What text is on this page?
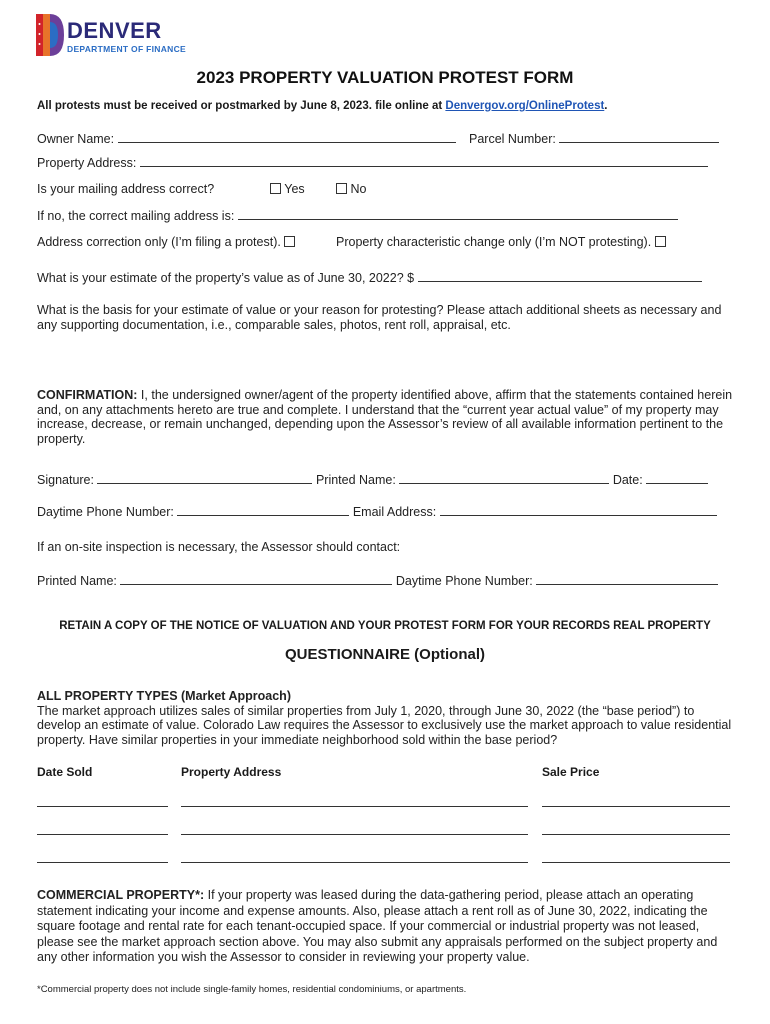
DENVER
DEPARTMENT OF FINANCE
2023 PROPERTY VALUATION PROTEST FORM
All protests must be received or postmarked by June 8, 2023. file online at Denvergov.org/OnlineProtest.
Owner Name:	Parcel Number:
Property Address:
Is your mailing address correct?	Yes	No
If no, the correct mailing address is:
Address correction only (I’m filing a protest).	Property characteristic change only (I’m NOT protesting).
What is your estimate of the property’s value as of June 30, 2022? $
What is the basis for your estimate of value or your reason for protesting? Please attach additional sheets as necessary and any supporting documentation, i.e., comparable sales, photos, rent roll, appraisal, etc.
CONFIRMATION: I, the undersigned owner/agent of the property identified above, affirm that the statements contained herein and, on any attachments hereto are true and complete. I understand that the “current year actual value” of my property may increase, decrease, or remain unchanged, depending upon the Assessor’s review of all available information pertinent to the property.
Signature:	Printed Name:	Date:
Daytime Phone Number:	Email Address:
If an on-site inspection is necessary, the Assessor should contact:
Printed Name:	Daytime Phone Number:
RETAIN A COPY OF THE NOTICE OF VALUATION AND YOUR PROTEST FORM FOR YOUR RECORDS REAL PROPERTY
QUESTIONNAIRE (Optional)
ALL PROPERTY TYPES (Market Approach)
The market approach utilizes sales of similar properties from July 1, 2020, through June 30, 2022 (the “base period”) to develop an estimate of value. Colorado Law requires the Assessor to exclusively use the market approach to value residential property. Have similar properties in your immediate neighborhood sold within the base period?
Date Sold	Property Address	Sale Price
COMMERCIAL PROPERTY*: If your property was leased during the data-gathering period, please attach an operating statement indicating your income and expense amounts. Also, please attach a rent roll as of June 30, 2022, indicating the square footage and rental rate for each tenant-occupied space. If your commercial or industrial property was not leased, please see the market approach section above. You may also submit any appraisals performed on the subject property and any other information you wish the Assessor to consider in reviewing your property value.
*Commercial property does not include single-family homes, residential condominiums, or apartments.
